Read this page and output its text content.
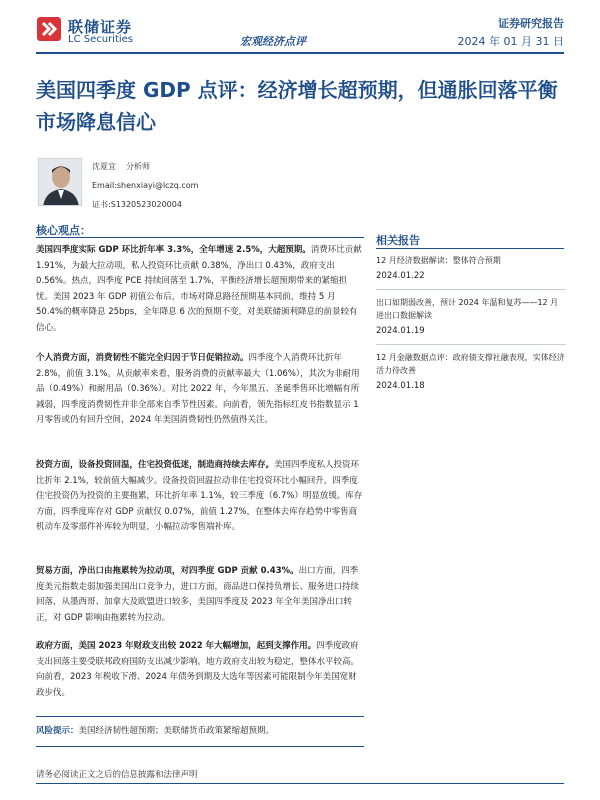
联储证券
LC Securities	宏观经济点评
证券研究报告
2024 年 01 月 31 日
美国四季度 GDP 点评：经济增长超预期，但通胀回落平衡市场降息信心
沈夏宜 分析师
Email:shenxiayi@lczq.com
证书:S1320523020004
核心观点：

美国四季度实际 GDP 环比折年率 3.3%，全年增速 2.5%，大超预期。消费环比贡献 1.91%，为最大拉动项，私人投资环比贡献 0.38%，净出口 0.43%，政府支出 0.56%。热点，四季度 PCE 持续回落至 1.7%，平衡经济增长超预期带来的紧缩担忧。美国 2023 年 GDP 初值公布后，市场对降息路径预期基本同前，维持 5 月 50.4%的概率降息 25bps，全年降息 6 次的预期不变，对美联储颁利降息的前景较有信心。

个人消费方面，消费韧性不能完全归因于节日促销拉动。四季度个人消费环比折年 2.8%，前值 3.1%。从贡献率来看，服务消费的贡献率最大（1.06%），其次为非耐用品（0.49%）和耐用品（0.36%）。对比 2022 年，今年黑五、圣诞季售环比增幅有所减弱，四季度消费韧性并非全部来自季节性因素。向前看，领先指标红皮书指数显示 1 月零售或仍有回升空间，2024 年美国消费韧性仍然值得关注。

投资方面，设备投资回温，住宅投资低迷，制造商持续去库存。美国四季度私人投资环比折年 2.1%，较前值大幅减少。设备投资回温拉动非住宅投资环比小幅回升，四季度住宅投资仍为投资的主要拖累，环比折年率 1.1%，较三季度（6.7%）明显放缓。库存方面，四季度库存对 GDP 贡献仅 0.07%，前值 1.27%，在整体去库存趋势中零售商机动车及零部件补库较为明显，小幅拉动零售端补库。

贸易方面，净出口由拖累转为拉动项，对四季度 GDP 贡献 0.43%。出口方面，四季度美元指数走弱加强美国出口竞争力，进口方面，商品进口保持负增长、服务进口持续回落，从墨西哥、加拿大及欧盟进口较多，美国四季度及 2023 年全年美国净出口转正，对 GDP 影响由拖累转为拉动。

政府方面，美国 2023 年财政支出较 2022 年大幅增加，起到支撑作用。四季度政府支出回落主要受联邦政府国防支出减少影响，地方政府支出较为稳定，整体水平较高。向前看，2023 年税收下滑、2024 年债务到期及大选年等因素可能限制今年美国宽财政步伐。

风险提示：美国经济韧性超预期；美联储货币政策紧缩超预期。
相关报告
12 月经济数据解读：整体符合预期
2024.01.22
出口如期弱改善，预计 2024 年温和复苏——12 月进出口数据解读
2024.01.19
12 月金融数据点评：政府债支撑社融表现，实体经济活力待改善
2024.01.18
请务必阅读正文之后的信息披露和法律声明
